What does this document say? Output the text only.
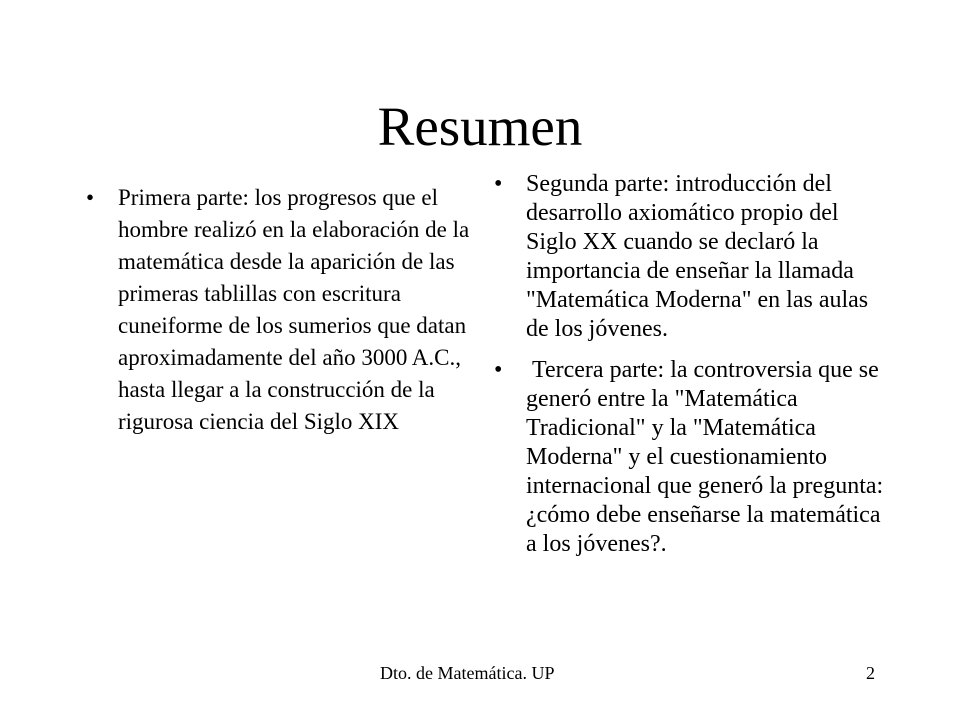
Resumen
• Primera parte: los progresos que el hombre realizó en la elaboración de la matemática desde la aparición de las primeras tablillas con escritura cuneiforme de los sumerios que datan aproximadamente del año 3000 A.C., hasta llegar a la construcción de la rigurosa ciencia del Siglo XIX
• Segunda parte: introducción del desarrollo axiomático propio del Siglo XX cuando se declaró la importancia de enseñar la llamada "Matemática Moderna" en las aulas de los jóvenes.
• Tercera parte: la controversia que se generó entre la "Matemática Tradicional" y la "Matemática Moderna" y el cuestionamiento internacional que generó la pregunta: ¿cómo debe enseñarse la matemática a los jóvenes?.
Dto. de Matemática. UP	2
